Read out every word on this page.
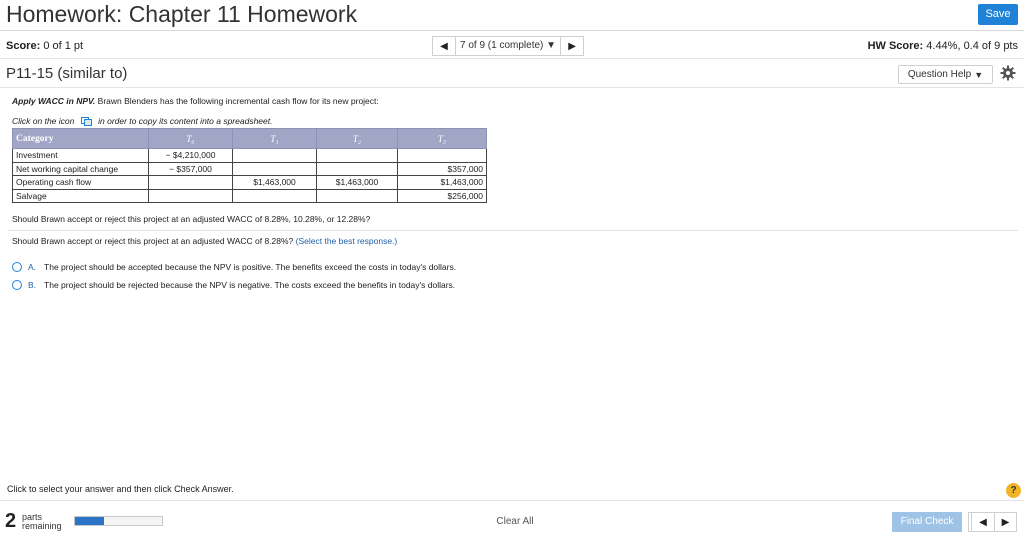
Homework: Chapter 11 Homework	Save
Score: 0 of 1 pt	◀	7 of 9 (1 complete) ▼	▶	HW Score: 4.44%, 0.4 of 9 pts
P11-15 (similar to)	Question Help ▼
Apply WACC in NPV. Brawn Blenders has the following incremental cash flow for its new project:
Click on the icon	in order to copy its content into a spreadsheet.
Category	T₀	T₁	T₂	T₃
Investment	− $4,210,000			
Net working capital change	− $357,000			$357,000
Operating cash flow		$1,463,000	$1,463,000	$1,463,000
Salvage				$256,000
Should Brawn accept or reject this project at an adjusted WACC of 8.28%, 10.28%, or 12.28%?
Should Brawn accept or reject this project at an adjusted WACC of 8.28%? (Select the best response.)
A. The project should be accepted because the NPV is positive. The benefits exceed the costs in today's dollars.
B. The project should be rejected because the NPV is negative. The costs exceed the benefits in today's dollars.
Click to select your answer and then click Check Answer.	?
2 parts
remaining	Clear All	Final Check	◀ ▶
